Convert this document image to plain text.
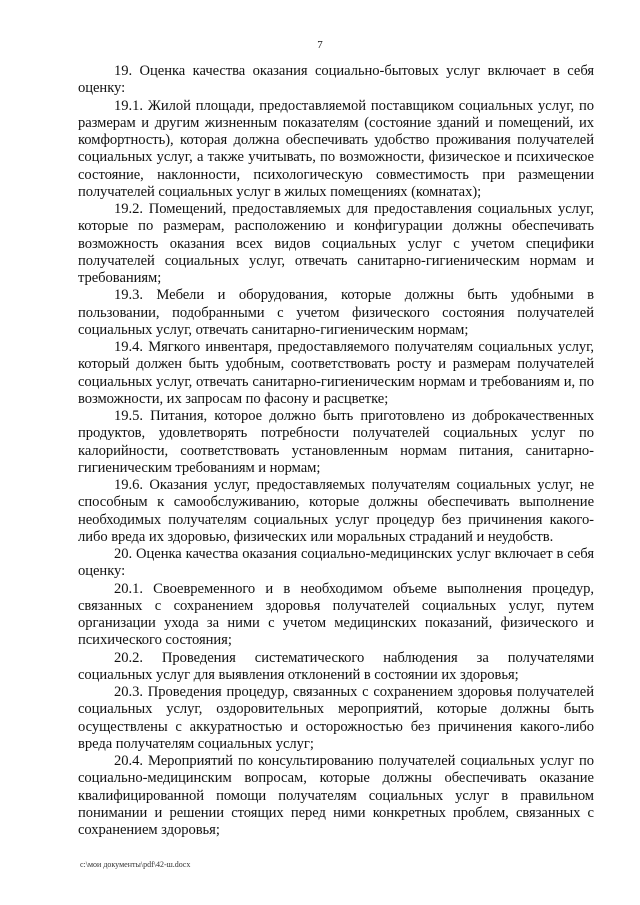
7

19. Оценка качества оказания социально-бытовых услуг включает в себя оценку:

19.1. Жилой площади, предоставляемой поставщиком социальных услуг, по размерам и другим жизненным показателям (состояние зданий и помещений, их комфортность), которая должна обеспечивать удобство проживания получателей социальных услуг, а также учитывать, по возможности, физическое и психическое состояние, наклонности, психологическую совместимость при размещении получателей социальных услуг в жилых помещениях (комнатах);

19.2. Помещений, предоставляемых для предоставления социальных услуг, которые по размерам, расположению и конфигурации должны обеспечивать возможность оказания всех видов социальных услуг с учетом специфики получателей социальных услуг, отвечать санитарно-гигиеническим нормам и требованиям;

19.3. Мебели и оборудования, которые должны быть удобными в пользовании, подобранными с учетом физического состояния получателей социальных услуг, отвечать санитарно-гигиеническим нормам;

19.4. Мягкого инвентаря, предоставляемого получателям социальных услуг, который должен быть удобным, соответствовать росту и размерам получателей социальных услуг, отвечать санитарно-гигиеническим нормам и требованиям и, по возможности, их запросам по фасону и расцветке;

19.5. Питания, которое должно быть приготовлено из доброкачественных продуктов, удовлетворять потребности получателей социальных услуг по калорийности, соответствовать установленным нормам питания, санитарно-гигиеническим требованиям и нормам;

19.6. Оказания услуг, предоставляемых получателям социальных услуг, не способным к самообслуживанию, которые должны обеспечивать выполнение необходимых получателям социальных услуг процедур без причинения какого-либо вреда их здоровью, физических или моральных страданий и неудобств.

20. Оценка качества оказания социально-медицинских услуг включает в себя оценку:

20.1. Своевременного и в необходимом объеме выполнения процедур, связанных с сохранением здоровья получателей социальных услуг, путем организации ухода за ними с учетом медицинских показаний, физического и психического состояния;

20.2. Проведения систематического наблюдения за получателями социальных услуг для выявления отклонений в состоянии их здоровья;

20.3. Проведения процедур, связанных с сохранением здоровья получателей социальных услуг, оздоровительных мероприятий, которые должны быть осуществлены с аккуратностью и осторожностью без причинения какого-либо вреда получателям социальных услуг;

20.4. Мероприятий по консультированию получателей социальных услуг по социально-медицинским вопросам, которые должны обеспечивать оказание квалифицированной помощи получателям социальных услуг в правильном понимании и решении стоящих перед ними конкретных проблем, связанных с сохранением здоровья;

c:\мои документы\pdf\42-ш.docx
